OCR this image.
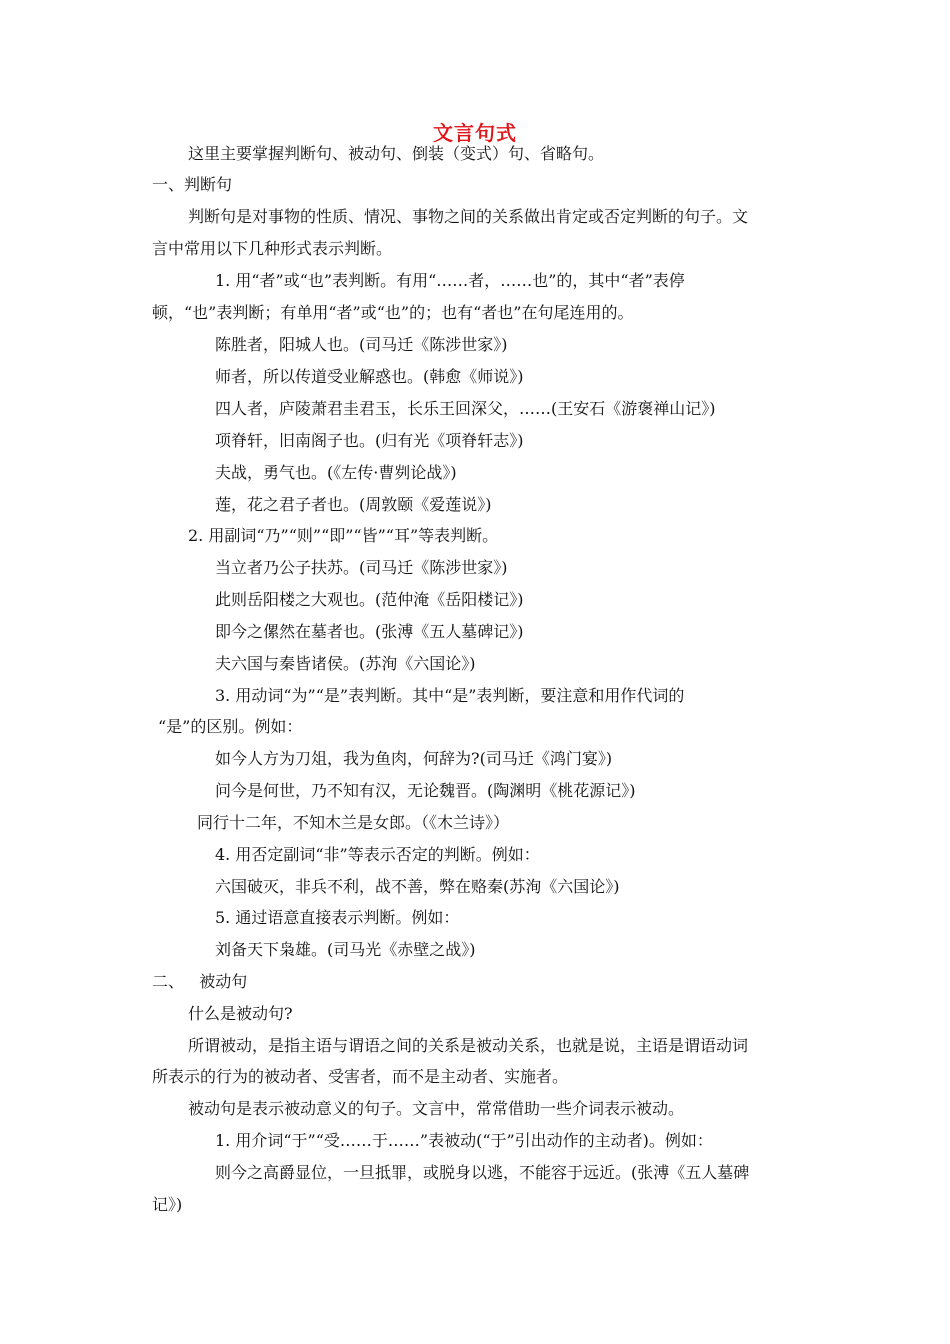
文言句式
这里主要掌握判断句、被动句、倒装（变式）句、省略句。
一、判断句
判断句是对事物的性质、情况、事物之间的关系做出肯定或否定判断的句子。文
言中常用以下几种形式表示判断。
1. 用“者”或“也”表判断。有用“……者，……也”的，其中“者”表停
顿，“也”表判断；有单用“者”或“也”的；也有“者也”在句尾连用的。
陈胜者，阳城人也。(司马迁《陈涉世家》)
师者，所以传道受业解惑也。(韩愈《师说》)
四人者，庐陵萧君圭君玉，长乐王回深父，……(王安石《游褒禅山记》)
项脊轩，旧南阁子也。(归有光《项脊轩志》)
夫战，勇气也。(《左传·曹刿论战》)
莲，花之君子者也。(周敦颐《爱莲说》)
2. 用副词“乃”“则”“即”“皆”“耳”等表判断。
当立者乃公子扶苏。(司马迁《陈涉世家》)
此则岳阳楼之大观也。(范仲淹《岳阳楼记》)
即今之傫然在墓者也。(张溥《五人墓碑记》)
夫六国与秦皆诸侯。(苏洵《六国论》)
3. 用动词“为”“是”表判断。其中“是”表判断，要注意和用作代词的
“是”的区别。例如：
如今人方为刀俎，我为鱼肉，何辞为?(司马迁《鸿门宴》)
问今是何世，乃不知有汉，无论魏晋。(陶渊明《桃花源记》)
同行十二年，不知木兰是女郎。（《木兰诗》）
4. 用否定副词“非”等表示否定的判断。例如：
六国破灭，非兵不利，战不善，弊在赂秦(苏洵《六国论》)
5. 通过语意直接表示判断。例如：
刘备天下枭雄。(司马光《赤壁之战》)
二、   被动句
什么是被动句?
所谓被动，是指主语与谓语之间的关系是被动关系，也就是说，主语是谓语动词
所表示的行为的被动者、受害者，而不是主动者、实施者。
被动句是表示被动意义的句子。文言中，常常借助一些介词表示被动。
1. 用介词“于”“受……于……”表被动(“于”引出动作的主动者)。例如：
则今之高爵显位，一旦抵罪，或脱身以逃，不能容于远近。(张溥《五人墓碑
记》)
